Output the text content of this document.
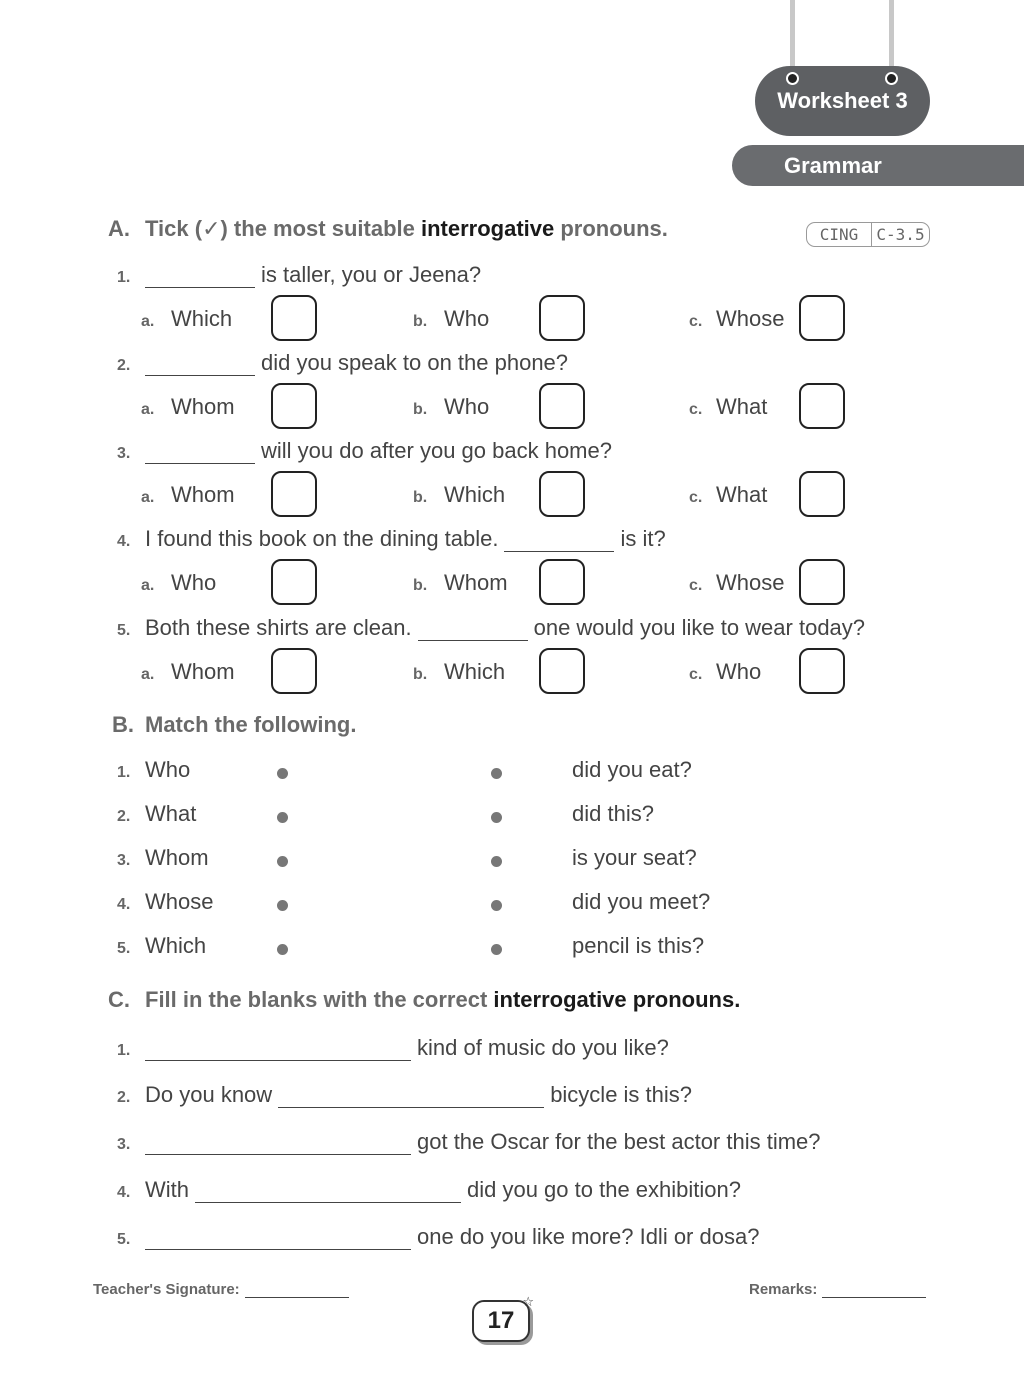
Worksheet 3
Grammar
A. Tick (✓) the most suitable interrogative pronouns.	CING	C-3.5
1.	is taller, you or Jeena?
a. Which	b. Who	c. Whose
2.	did you speak to on the phone?
a. Whom	b. Who	c. What
3.	will you do after you go back home?
a. Whom	b. Which	c. What
4. I found this book on the dining table.	is it?
a. Who	b. Whom	c. Whose
5. Both these shirts are clean.	one would you like to wear today?
a. Whom	b. Which	c. Who
B. Match the following.
1. Who	did you eat?
2. What	did this?
3. Whom	is your seat?
4. Whose	did you meet?
5. Which	pencil is this?
C. Fill in the blanks with the correct interrogative pronouns.
1.	kind of music do you like?
2. Do you know	bicycle is this?
3.	got the Oscar for the best actor this time?
4. With	did you go to the exhibition?
5.	one do you like more? Idli or dosa?
Teacher's Signature:	Remarks:
17
☆
